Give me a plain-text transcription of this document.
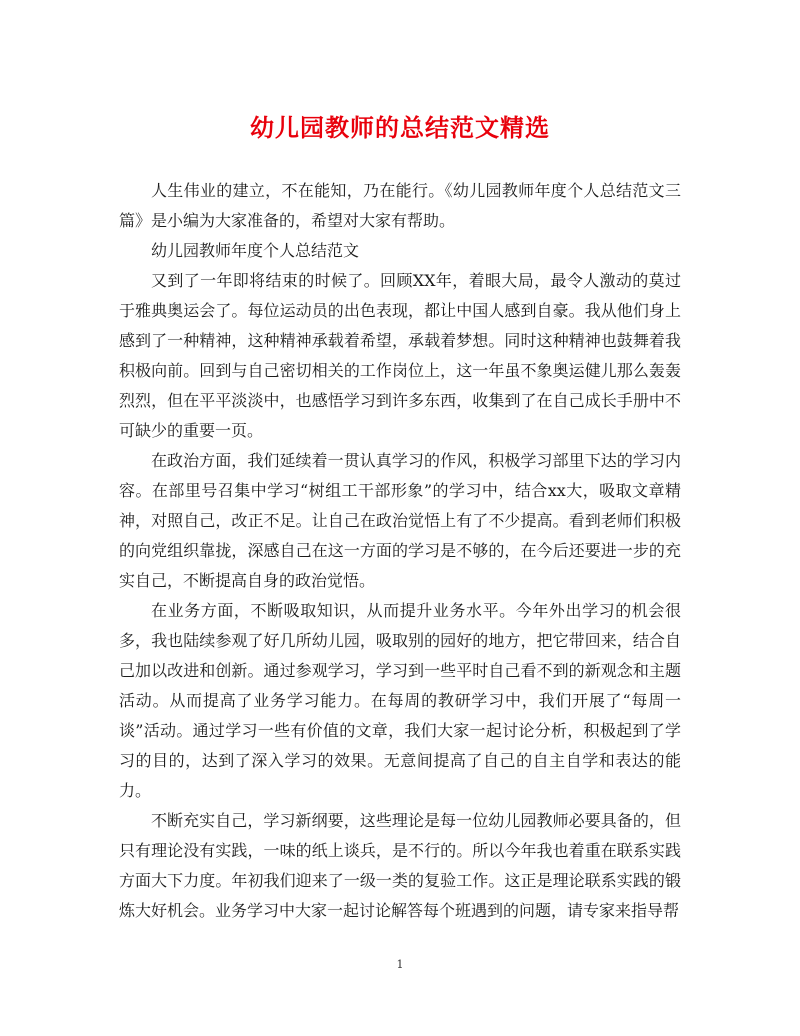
幼儿园教师的总结范文精选

人生伟业的建立，不在能知，乃在能行。《幼儿园教师年度个人总结范文三篇》是小编为大家准备的，希望对大家有帮助。

幼儿园教师年度个人总结范文

又到了一年即将结束的时候了。回顾XX年，着眼大局，最令人激动的莫过于雅典奥运会了。每位运动员的出色表现，都让中国人感到自豪。我从他们身上感到了一种精神，这种精神承载着希望，承载着梦想。同时这种精神也鼓舞着我积极向前。回到与自己密切相关的工作岗位上，这一年虽不象奥运健儿那么轰轰烈烈，但在平平淡淡中，也感悟学习到许多东西，收集到了在自己成长手册中不可缺少的重要一页。

在政治方面，我们延续着一贯认真学习的作风，积极学习部里下达的学习内容。在部里号召集中学习“树组工干部形象”的学习中，结合xx大，吸取文章精神，对照自己，改正不足。让自己在政治觉悟上有了不少提高。看到老师们积极的向党组织靠拢，深感自己在这一方面的学习是不够的，在今后还要进一步的充实自己，不断提高自身的政治觉悟。

在业务方面，不断吸取知识，从而提升业务水平。今年外出学习的机会很多，我也陆续参观了好几所幼儿园，吸取别的园好的地方，把它带回来，结合自己加以改进和创新。通过参观学习，学习到一些平时自己看不到的新观念和主题活动。从而提高了业务学习能力。在每周的教研学习中，我们开展了“每周一谈”活动。通过学习一些有价值的文章，我们大家一起讨论分析，积极起到了学习的目的，达到了深入学习的效果。无意间提高了自己的自主自学和表达的能力。

不断充实自己，学习新纲要，这些理论是每一位幼儿园教师必要具备的，但只有理论没有实践，一味的纸上谈兵，是不行的。所以今年我也着重在联系实践方面大下力度。年初我们迎来了一级一类的复验工作。这正是理论联系实践的锻炼大好机会。业务学习中大家一起讨论解答每个班遇到的问题，请专家来指导帮

1
